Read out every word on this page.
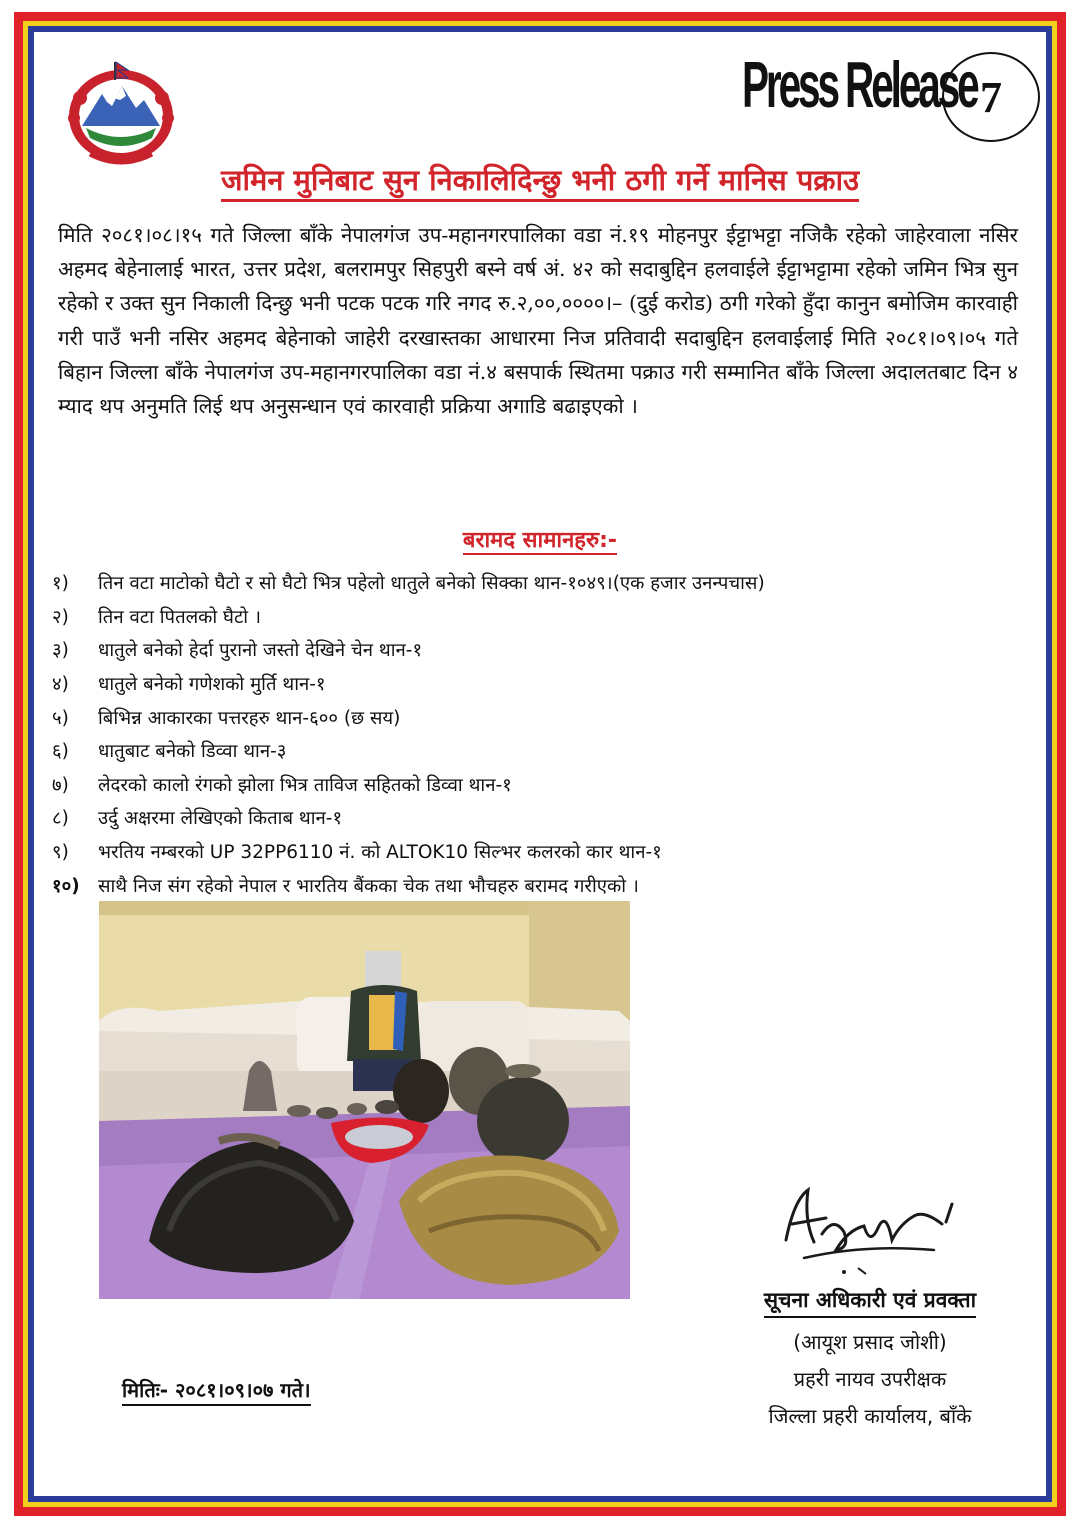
Press Release 7
जमिन मुनिबाट सुन निकालिदिन्छु भनी ठगी गर्ने मानिस पक्राउ
मिति २०८१।०८।१५ गते जिल्ला बाँके नेपालगंज उप-महानगरपालिका वडा नं.१९ मोहनपुर ईट्टाभट्टा नजिकै रहेको जाहेरवाला नसिर अहमद बेहेनालाई भारत, उत्तर प्रदेश, बलरामपुर सिहपुरी बस्ने वर्ष अं. ४२ को सदाबुद्दिन हलवाईले ईट्टाभट्टामा रहेको जमिन भित्र सुन रहेको र उक्त सुन निकाली दिन्छु भनी पटक पटक गरि नगद रु.२,००,००००।– (दुई करोड) ठगी गरेको हुँदा कानुन बमोजिम कारवाही गरी पाउँ भनी नसिर अहमद बेहेनाको जाहेरी दरखास्तका आधारमा निज प्रतिवादी सदाबुद्दिन हलवाईलाई मिति २०८१।०९।०५ गते बिहान जिल्ला बाँके नेपालगंज उप-महानगरपालिका वडा नं.४ बसपार्क स्थितमा पक्राउ गरी सम्मानित बाँके जिल्ला अदालतबाट दिन ४ म्याद थप अनुमति लिई थप अनुसन्धान एवं कारवाही प्रक्रिया अगाडि बढाइएको ।
बरामद सामानहरु:-
१)	तिन वटा माटोको घैटो र सो घैटो भित्र पहेलो धातुले बनेको सिक्का थान-१०४९।(एक हजार उनन्पचास)
२)	तिन वटा पितलको घैटो ।
३)	धातुले बनेको हेर्दा पुरानो जस्तो देखिने चेन थान-१
४)	धातुले बनेको गणेशको मुर्ति थान-१
५)	बिभिन्न आकारका पत्तरहरु थान-६०० (छ सय)
६)	धातुबाट बनेको डिव्वा थान-३
७)	लेदरको कालो रंगको झोला भित्र ताविज सहितको डिव्वा थान-१
८)	उर्दु अक्षरमा लेखिएको किताब थान-१
९)	भरतिय नम्बरको UP 32PP6110 नं. को ALTOK10 सिल्भर कलरको कार थान-१
१०) साथै निज संग रहेको नेपाल र भारतिय बैंकका चेक तथा भौचहरु बरामद गरीएको ।
सूचना अधिकारी एवं प्रवक्ता
(आयूश प्रसाद जोशी)
प्रहरी नायव उपरीक्षक
जिल्ला प्रहरी कार्यालय, बाँके
मितिः- २०८१।०९।०७ गते।
